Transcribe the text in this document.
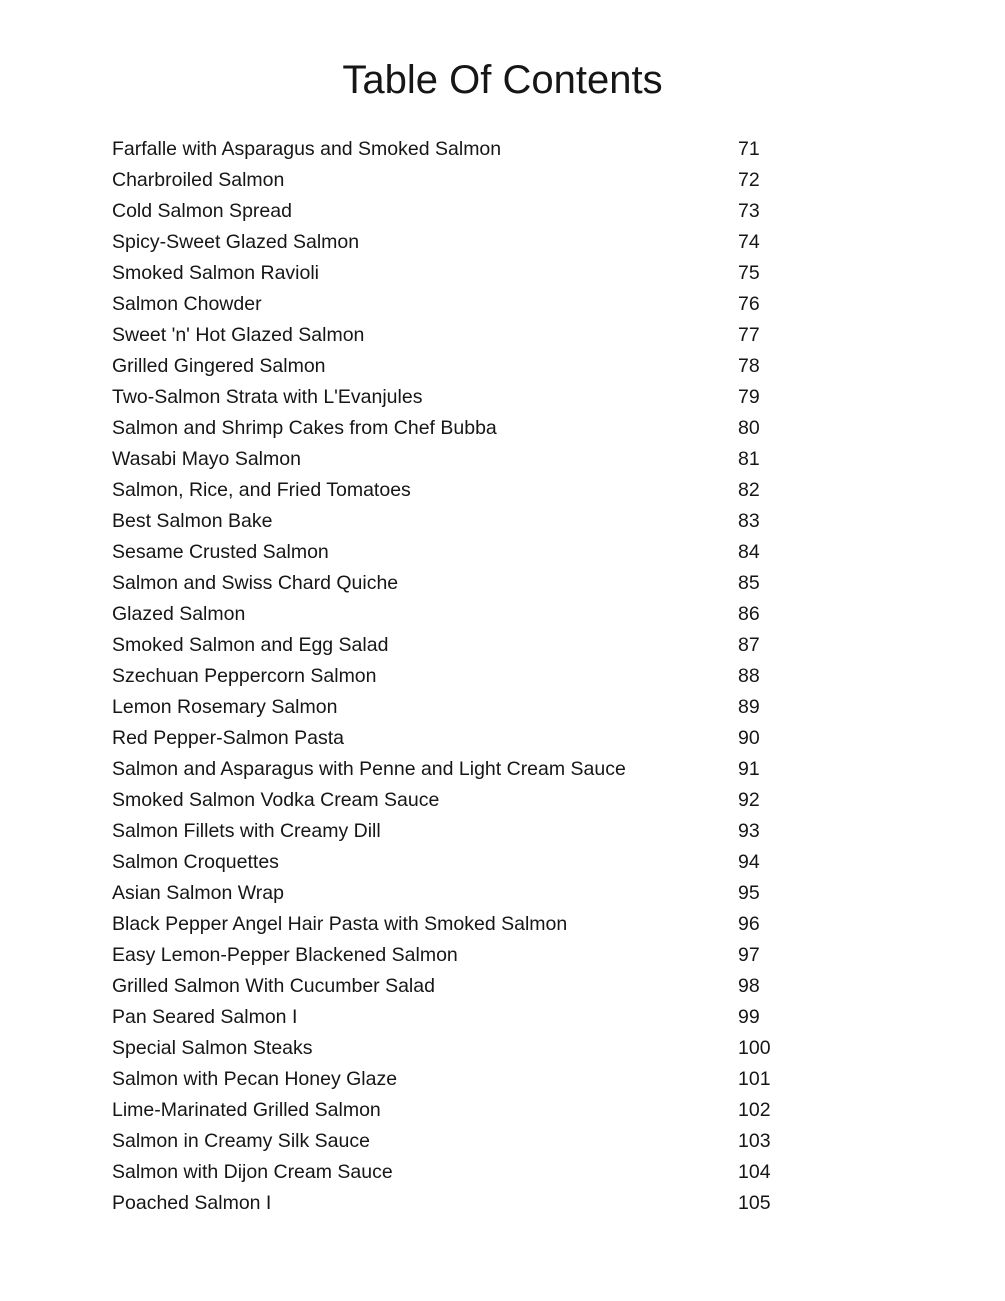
Table Of Contents
Farfalle with Asparagus and Smoked Salmon	71
Charbroiled Salmon	72
Cold Salmon Spread	73
Spicy-Sweet Glazed Salmon	74
Smoked Salmon Ravioli	75
Salmon Chowder	76
Sweet 'n' Hot Glazed Salmon	77
Grilled Gingered Salmon	78
Two-Salmon Strata with L'Evanjules	79
Salmon and Shrimp Cakes from Chef Bubba	80
Wasabi Mayo Salmon	81
Salmon, Rice, and Fried Tomatoes	82
Best Salmon Bake	83
Sesame Crusted Salmon	84
Salmon and Swiss Chard Quiche	85
Glazed Salmon	86
Smoked Salmon and Egg Salad	87
Szechuan Peppercorn Salmon	88
Lemon Rosemary Salmon	89
Red Pepper-Salmon Pasta	90
Salmon and Asparagus with Penne and Light Cream Sauce	91
Smoked Salmon Vodka Cream Sauce	92
Salmon Fillets with Creamy Dill	93
Salmon Croquettes	94
Asian Salmon Wrap	95
Black Pepper Angel Hair Pasta with Smoked Salmon	96
Easy Lemon-Pepper Blackened Salmon	97
Grilled Salmon With Cucumber Salad	98
Pan Seared Salmon I	99
Special Salmon Steaks	100
Salmon with Pecan Honey Glaze	101
Lime-Marinated Grilled Salmon	102
Salmon in Creamy Silk Sauce	103
Salmon with Dijon Cream Sauce	104
Poached Salmon I	105
